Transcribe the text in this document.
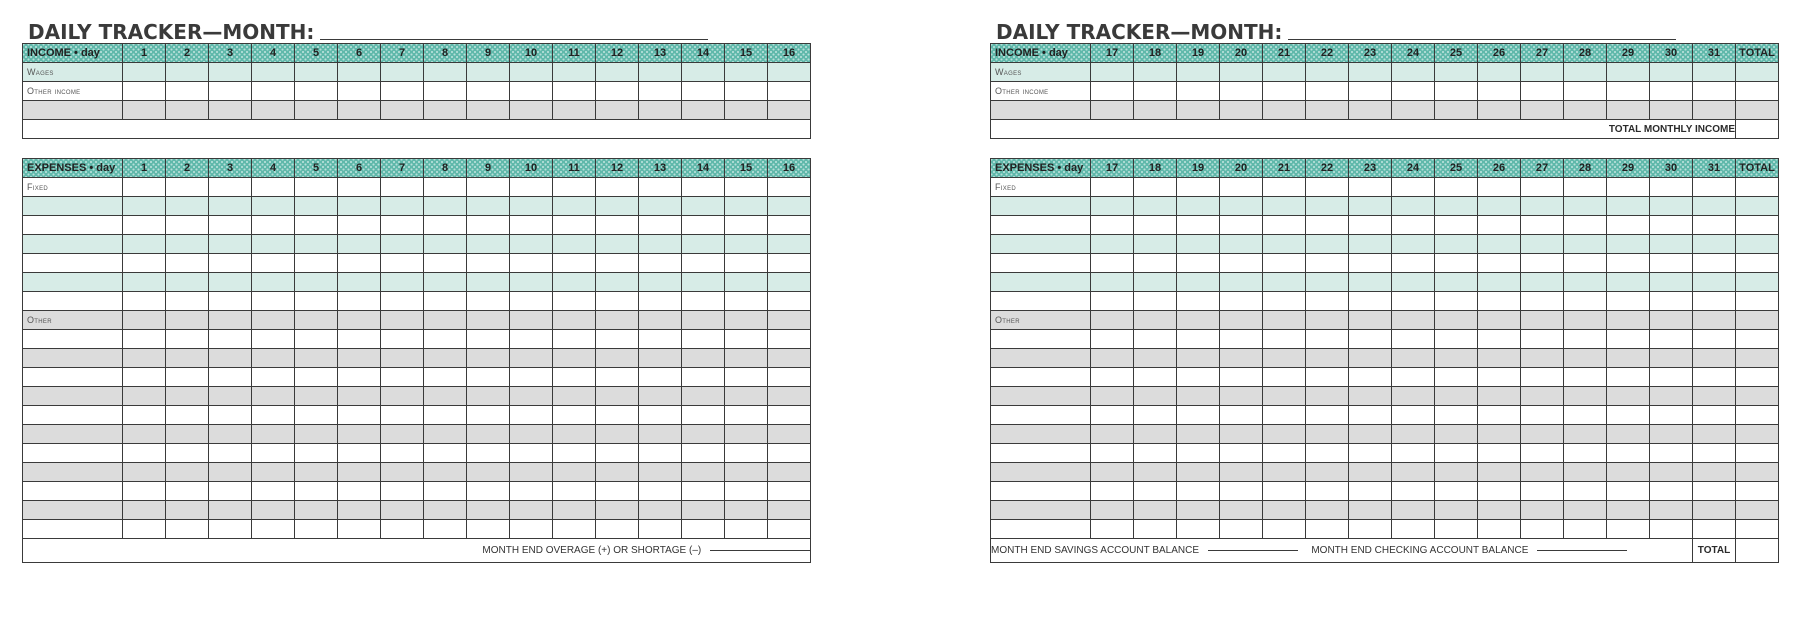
DAILY TRACKER—MONTH:
INCOME • day	1	2	3	4	5	6	7	8	9	10	11	12	13	14	15	16
Wages																
Other income																

EXPENSES • day	1	2	3	4	5	6	7	8	9	10	11	12	13	14	15	16
Fixed																

Other																

MONTH END OVERAGE (+) OR SHORTAGE (–)																
DAILY TRACKER—MONTH:
INCOME • day	17	18	19	20	21	22	23	24	25	26	27	28	29	30	31	TOTAL
Wages																
Other income																

TOTAL MONTHLY INCOME																
EXPENSES • day	17	18	19	20	21	22	23	24	25	26	27	28	29	30	31	TOTAL
Fixed																

Other																

MONTH END SAVINGS ACCOUNT BALANCE MONTH END CHECKING ACCOUNT BALANCE															TOTAL	
